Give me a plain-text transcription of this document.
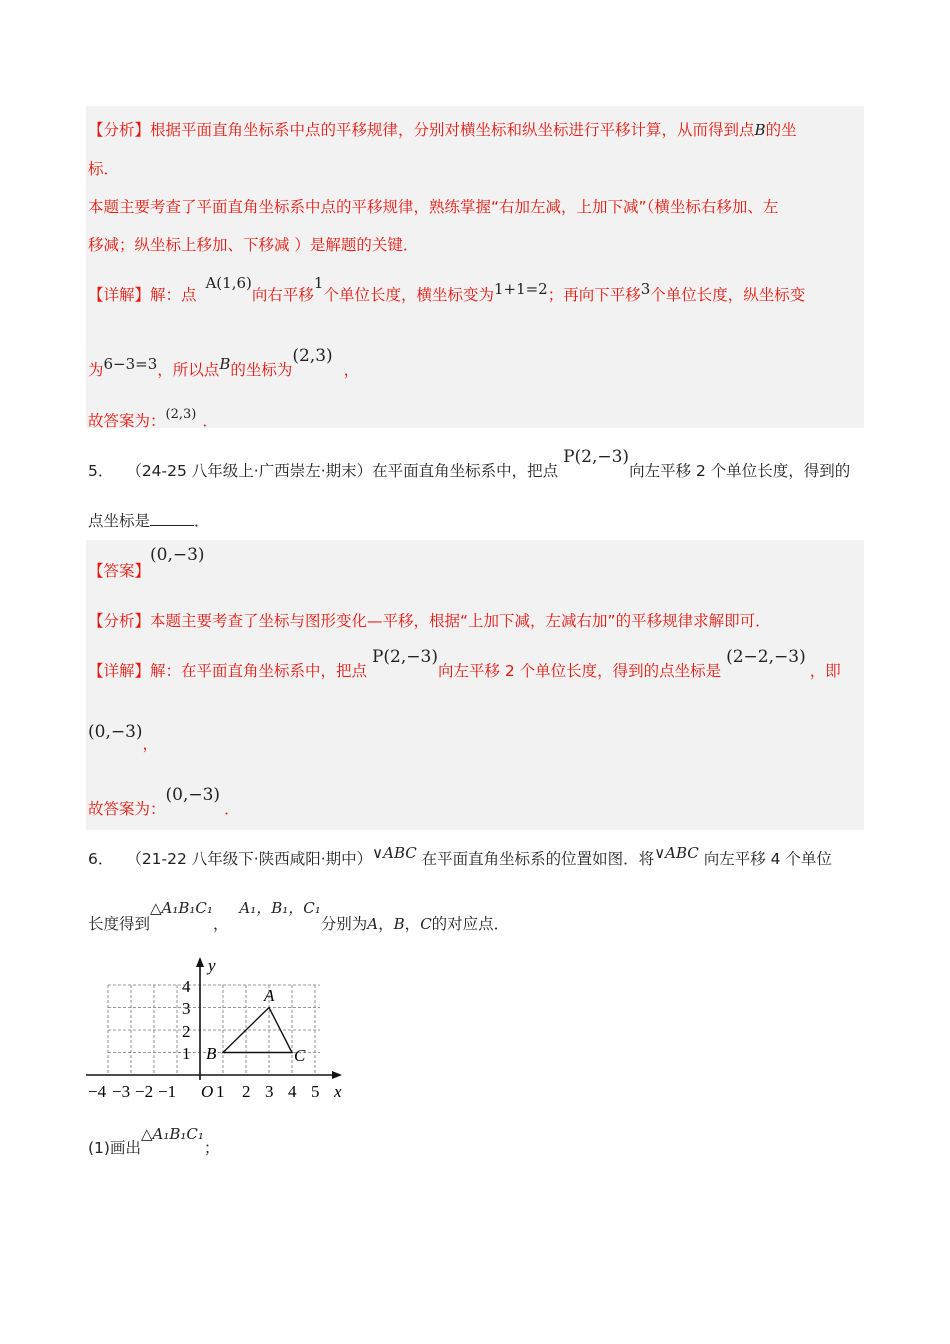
【分析】根据平面直角坐标系中点的平移规律，分别对横坐标和纵坐标进行平移计算，从而得到点B的坐
标．
本题主要考查了平面直角坐标系中点的平移规律，熟练掌握“右加左减，上加下减”（横坐标右移加、左
移减；纵坐标上移加、下移减 ）是解题的关键．
【详解】解：点 A(1,6)向右平移1个单位长度，横坐标变为1+1=2；再向下平移3个单位长度，纵坐标变
为6−3=3，所以点B的坐标为(2,3) ，
故答案为：$^{(2,3)}$ ．
5． （24-25 八年级上·广西崇左·期末）在平面直角坐标系中，把点 P(2,−3)向左平移 2 个单位长度，得到的
点坐标是	．
【答案】(0,−3)
【分析】本题主要考查了坐标与图形变化—平移，根据“上加下减，左减右加”的平移规律求解即可．
【详解】解：在平面直角坐标系中，把点 P(2,−3)向左平移 2 个单位长度，得到的点坐标是 (2−2,−3)，即
(0,−3)，
故答案为：(0,−3)．
6． （21-22 八年级下·陕西咸阳·期中）∨ABC 在平面直角坐标系的位置如图．将∨ABC 向左平移 4 个单位
长度得到△A₁B₁C₁， A₁，B₁，C₁分别为A，B，C的对应点．
y
A
B	C
4
3
2
1
−4 −3 −2 −1 O 1 2 3 4 5 x
(1)画出△A₁B₁C₁；
